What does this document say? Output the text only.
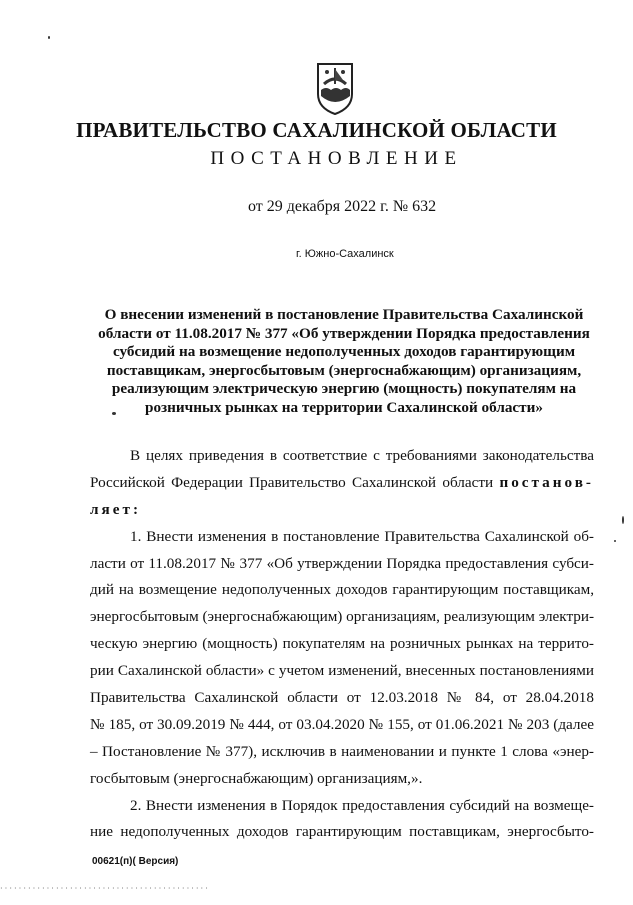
ПРАВИТЕЛЬСТВО САХАЛИНСКОЙ ОБЛАСТИ
ПОСТАНОВЛЕНИЕ
от 29 декабря 2022 г. № 632
г. Южно-Сахалинск

О внесении изменений в постановление Правительства Сахалинской
области от 11.08.2017 № 377 «Об утверждении Порядка предоставления
субсидий на возмещение недополученных доходов гарантирующим
поставщикам, энергосбытовым (энергоснабжающим) организациям,
реализующим электрическую энергию (мощность) покупателям на
розничных рынках на территории Сахалинской области»

В целях приведения в соответствие с требованиями законодательства
Российской Федерации Правительство Сахалинской области постанов-
ляет:
1. Внести изменения в постановление Правительства Сахалинской об-
ласти от 11.08.2017 № 377 «Об утверждении Порядка предоставления субси-
дий на возмещение недополученных доходов гарантирующим поставщикам,
энергосбытовым (энергоснабжающим) организациям, реализующим электри-
ческую энергию (мощность) покупателям на розничных рынках на террито-
рии Сахалинской области» с учетом изменений, внесенных постановлениями
Правительства Сахалинской области от 12.03.2018 № 84, от 28.04.2018
№ 185, от 30.09.2019 № 444, от 03.04.2020 № 155, от 01.06.2021 № 203 (далее
– Постановление № 377), исключив в наименовании и пункте 1 слова «энер-
госбытовым (энергоснабжающим) организациям,».
2. Внести изменения в Порядок предоставления субсидий на возмеще-
ние недополученных доходов гарантирующим поставщикам, энергосбыто-
00621(п)( Версия)
· · · · · · · · · · · · · · · · · · · · · · · · · · · · · · · · · · · · · · · · · · · · ·
